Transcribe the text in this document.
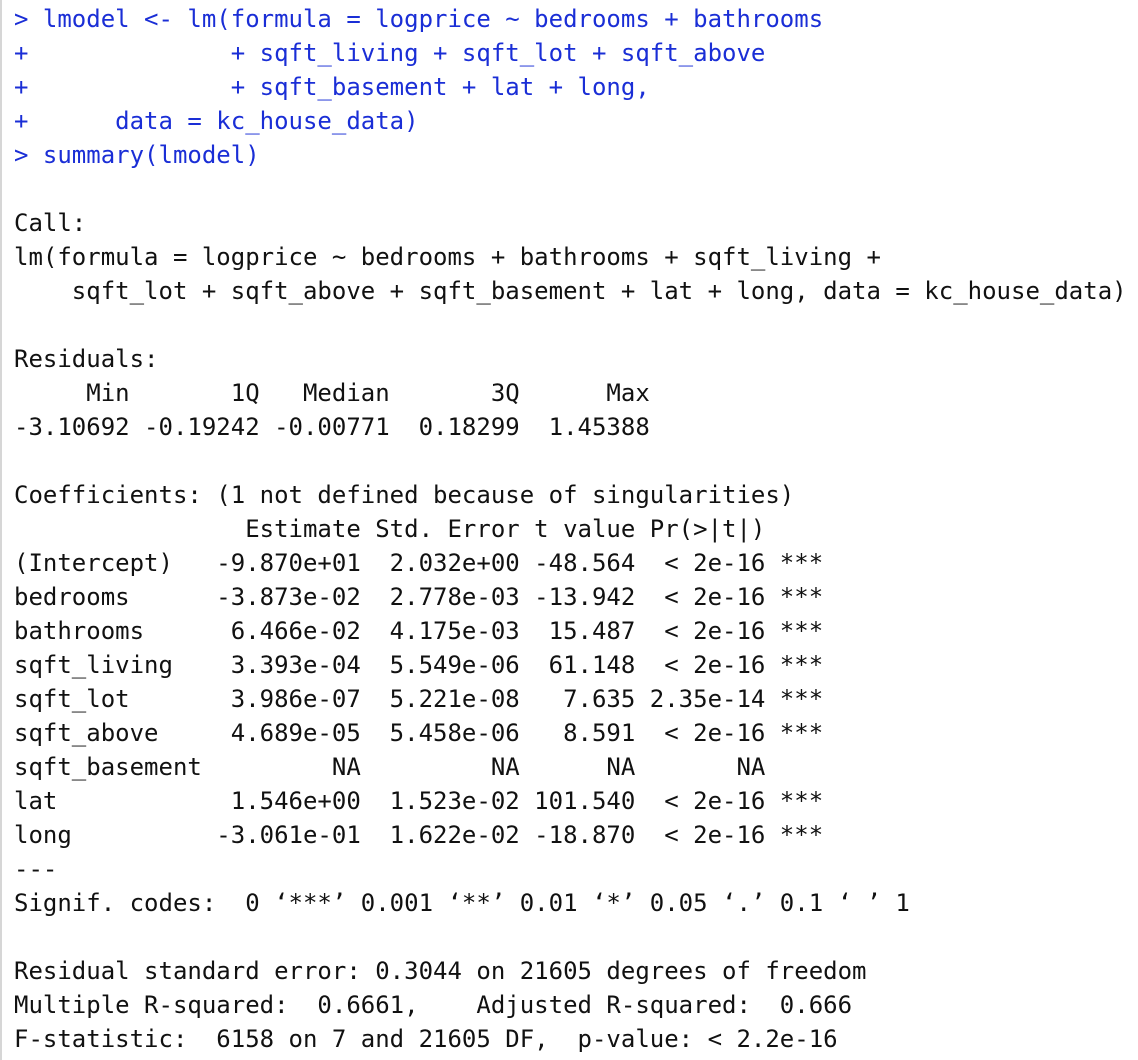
> lmodel <- lm(formula = logprice ~ bedrooms + bathrooms
+              + sqft_living + sqft_lot + sqft_above
+              + sqft_basement + lat + long,
+      data = kc_house_data)
> summary(lmodel)
Call:
lm(formula = logprice ~ bedrooms + bathrooms + sqft_living +
sqft_lot + sqft_above + sqft_basement + lat + long, data = kc_house_data)
Residuals:
Min       1Q   Median       3Q      Max
-3.10692 -0.19242 -0.00771  0.18299  1.45388
Coefficients: (1 not defined because of singularities)
Estimate Std. Error t value Pr(>|t|)
(Intercept)   -9.870e+01  2.032e+00 -48.564  < 2e-16 ***
bedrooms      -3.873e-02  2.778e-03 -13.942  < 2e-16 ***
bathrooms      6.466e-02  4.175e-03  15.487  < 2e-16 ***
sqft_living    3.393e-04  5.549e-06  61.148  < 2e-16 ***
sqft_lot       3.986e-07  5.221e-08   7.635 2.35e-14 ***
sqft_above     4.689e-05  5.458e-06   8.591  < 2e-16 ***
sqft_basement         NA         NA      NA       NA
lat            1.546e+00  1.523e-02 101.540  < 2e-16 ***
long          -3.061e-01  1.622e-02 -18.870  < 2e-16 ***
---
Signif. codes:  0 ‘***’ 0.001 ‘**’ 0.01 ‘*’ 0.05 ‘.’ 0.1 ‘ ’ 1
Residual standard error: 0.3044 on 21605 degrees of freedom
Multiple R-squared:  0.6661,	Adjusted R-squared:  0.666
F-statistic:  6158 on 7 and 21605 DF,  p-value: < 2.2e-16
